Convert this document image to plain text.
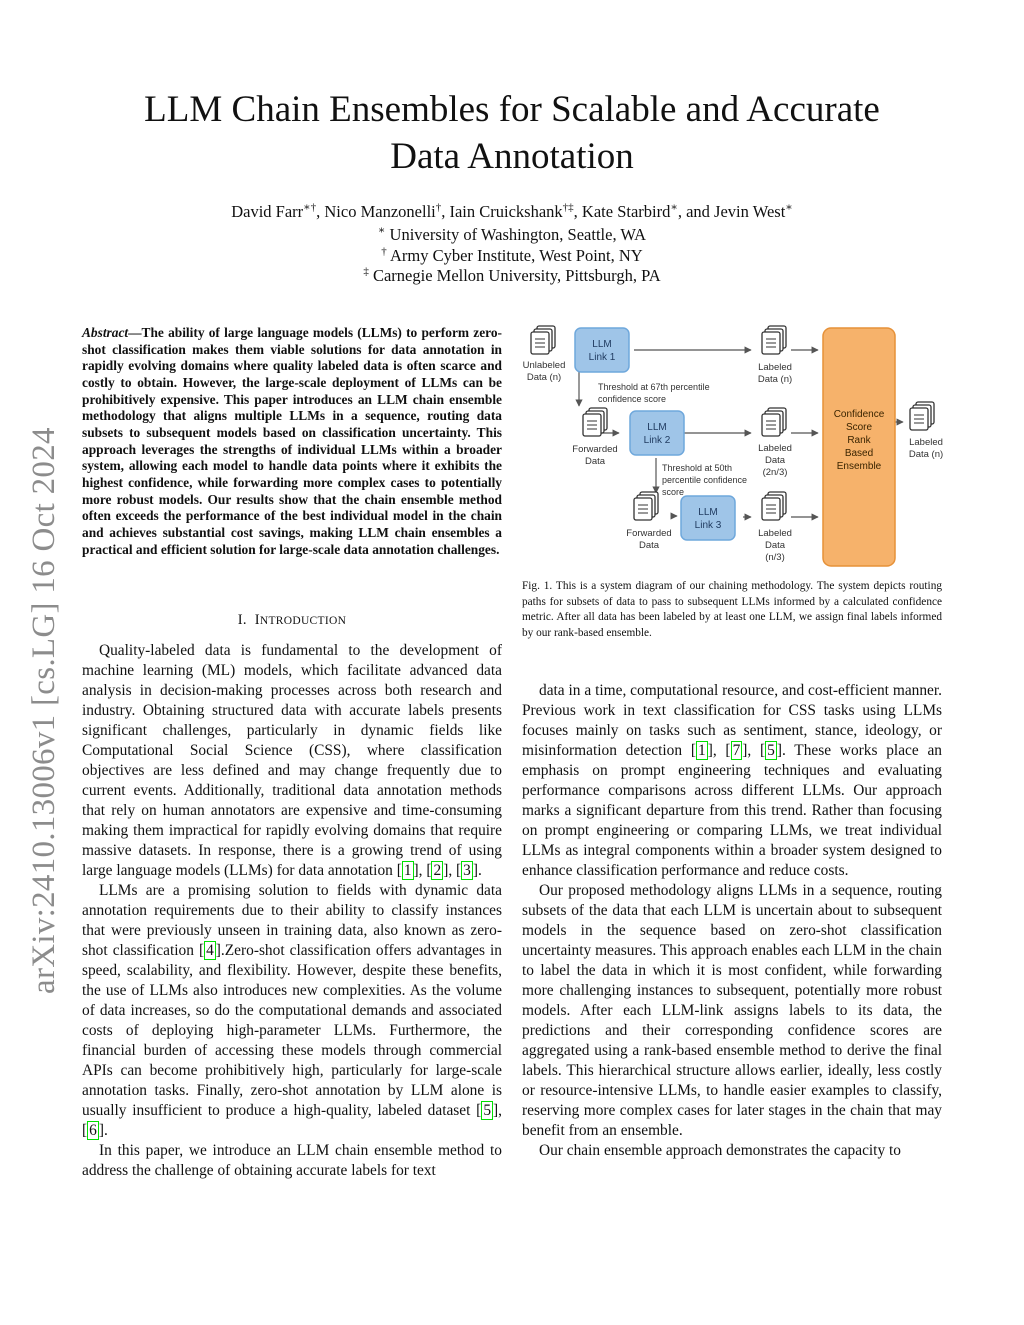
arXiv:2410.13006v1 [cs.LG] 16 Oct 2024
LLM Chain Ensembles for Scalable and Accurate
Data Annotation
David Farr∗†, Nico Manzonelli†, Iain Cruickshank†‡, Kate Starbird∗, and Jevin West∗
∗ University of Washington, Seattle, WA
† Army Cyber Institute, West Point, NY
‡ Carnegie Mellon University, Pittsburgh, PA
Abstract—The ability of large language models (LLMs) to perform zero-shot classification makes them viable solutions for data annotation in rapidly evolving domains where quality labeled data is often scarce and costly to obtain. However, the large-scale deployment of LLMs can be prohibitively expensive. This paper introduces an LLM chain ensemble methodology that aligns multiple LLMs in a sequence, routing data subsets to subsequent models based on classification uncertainty. This approach leverages the strengths of individual LLMs within a broader system, allowing each model to handle data points where it exhibits the highest confidence, while forwarding more complex cases to potentially more robust models. Our results show that the chain ensemble method often exceeds the performance of the best individual model in the chain and achieves substantial cost savings, making LLM chain ensembles a practical and efficient solution for large-scale data annotation challenges.
I. INTRODUCTION

Quality-labeled data is fundamental to the development of machine learning (ML) models, which facilitate advanced data analysis in decision-making processes across both research and industry. Obtaining structured data with accurate labels presents significant challenges, particularly in dynamic fields like Computational Social Science (CSS), where classification objectives are less defined and may change frequently due to current events. Additionally, traditional data annotation methods that rely on human annotators are expensive and time-consuming making them impractical for rapidly evolving domains that require massive datasets. In response, there is a growing trend of using large language models (LLMs) for data annotation [ 1 ], [ 2 ], [ 3 ].

LLMs are a promising solution to fields with dynamic data annotation requirements due to their ability to classify instances that were previously unseen in training data, also known as zero-shot classification [ 4 ].Zero-shot classification offers advantages in speed, scalability, and flexibility. However, despite these benefits, the use of LLMs also introduces new complexities. As the volume of data increases, so do the computational demands and associated costs of deploying high-parameter LLMs. Furthermore, the financial burden of accessing these models through commercial APIs can become prohibitively high, particularly for large-scale annotation tasks. Finally, zero-shot annotation by LLM alone is usually insufficient to produce a high-quality, labeled dataset [ 5 ], [ 6 ].

In this paper, we introduce an LLM chain ensemble method to address the challenge of obtaining accurate labels for text

LLM
Link 1
LLM
Link 2
LLM
Link 3
Confidence
Score
Rank
Based
Ensemble
Unlabeled
Data (n)
Labeled
Data (n)
Threshold at 67th percentile
confidence score
Forwarded
Data
Labeled
Data
(2n/3)
Threshold at 50th
percentile confidence
score
Forwarded
Data
Labeled
Data
(n/3)
Labeled
Data (n)
Fig. 1. This is a system diagram of our chaining methodology. The system depicts routing paths for subsets of data to pass to subsequent LLMs informed by a calculated confidence metric. After all data has been labeled by at least one LLM, we assign final labels informed by our rank-based ensemble.

data in a time, computational resource, and cost-efficient manner. Previous work in text classification for CSS tasks using LLMs focuses mainly on tasks such as sentiment, stance, ideology, or misinformation detection [ 1 ], [ 7 ], [ 5 ]. These works place an emphasis on prompt engineering techniques and evaluating performance comparisons across different LLMs. Our approach marks a significant departure from this trend. Rather than focusing on prompt engineering or comparing LLMs, we treat individual LLMs as integral components within a broader system designed to enhance classification performance and reduce costs.

Our proposed methodology aligns LLMs in a sequence, routing subsets of the data that each LLM is uncertain about to subsequent models in the sequence based on zero-shot classification uncertainty measures. This approach enables each LLM in the chain to label the data in which it is most confident, while forwarding more challenging instances to subsequent, potentially more robust models. After each LLM-link assigns labels to its data, the predictions and their corresponding confidence scores are aggregated using a rank-based ensemble method to derive the final labels. This hierarchical structure allows earlier, ideally, less costly or resource-intensive LLMs, to handle easier examples to classify, reserving more complex cases for later stages in the chain that may benefit from an ensemble.

Our chain ensemble approach demonstrates the capacity to
